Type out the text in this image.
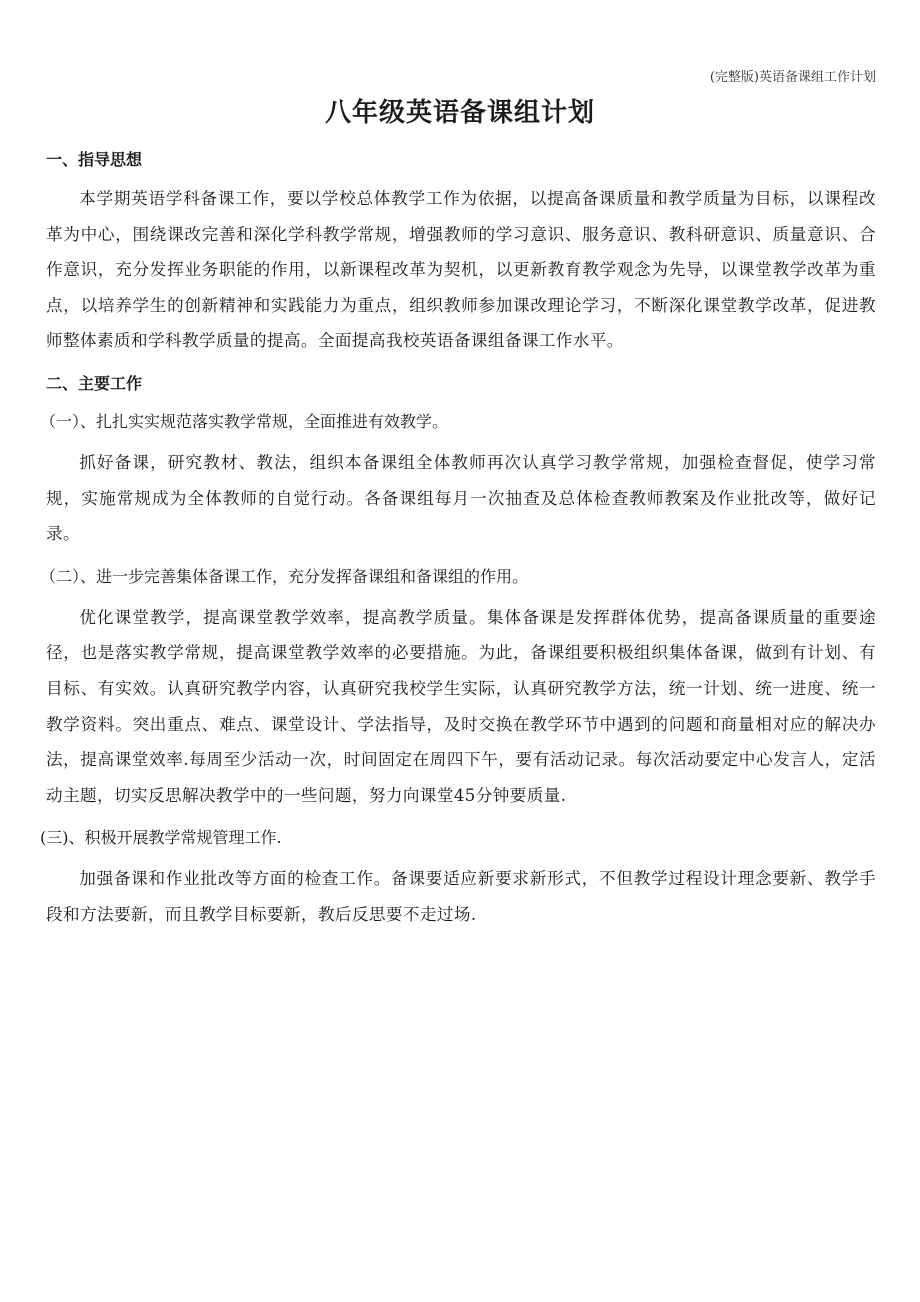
(完整版)英语备课组工作计划
八年级英语备课组计划
一、指导思想

本学期英语学科备课工作，要以学校总体教学工作为依据，以提高备课质量和教学质量为目标，以课程改革为中心，围绕课改完善和深化学科教学常规，增强教师的学习意识、服务意识、教科研意识、质量意识、合作意识，充分发挥业务职能的作用，以新课程改革为契机，以更新教育教学观念为先导，以课堂教学改革为重点，以培养学生的创新精神和实践能力为重点，组织教师参加课改理论学习，不断深化课堂教学改革，促进教师整体素质和学科教学质量的提高。全面提高我校英语备课组备课工作水平。

二、主要工作
（一）、扎扎实实规范落实教学常规，全面推进有效教学。

抓好备课，研究教材、教法，组织本备课组全体教师再次认真学习教学常规，加强检查督促，使学习常规，实施常规成为全体教师的自觉行动。各备课组每月一次抽查及总体检查教师教案及作业批改等，做好记录。

（二）、进一步完善集体备课工作，充分发挥备课组和备课组的作用。

优化课堂教学，提高课堂教学效率，提高教学质量。集体备课是发挥群体优势，提高备课质量的重要途径，也是落实教学常规，提高课堂教学效率的必要措施。为此，备课组要积极组织集体备课，做到有计划、有目标、有实效。认真研究教学内容，认真研究我校学生实际，认真研究教学方法，统一计划、统一进度、统一教学资料。突出重点、难点、课堂设计、学法指导，及时交换在教学环节中遇到的问题和商量相对应的解决办法，提高课堂效率.每周至少活动一次，时间固定在周四下午，要有活动记录。每次活动要定中心发言人，定活动主题，切实反思解决教学中的一些问题，努力向课堂45分钟要质量.

(三)、积极开展教学常规管理工作.

加强备课和作业批改等方面的检查工作。备课要适应新要求新形式，不但教学过程设计理念要新、教学手段和方法要新，而且教学目标要新，教后反思要不走过场.
